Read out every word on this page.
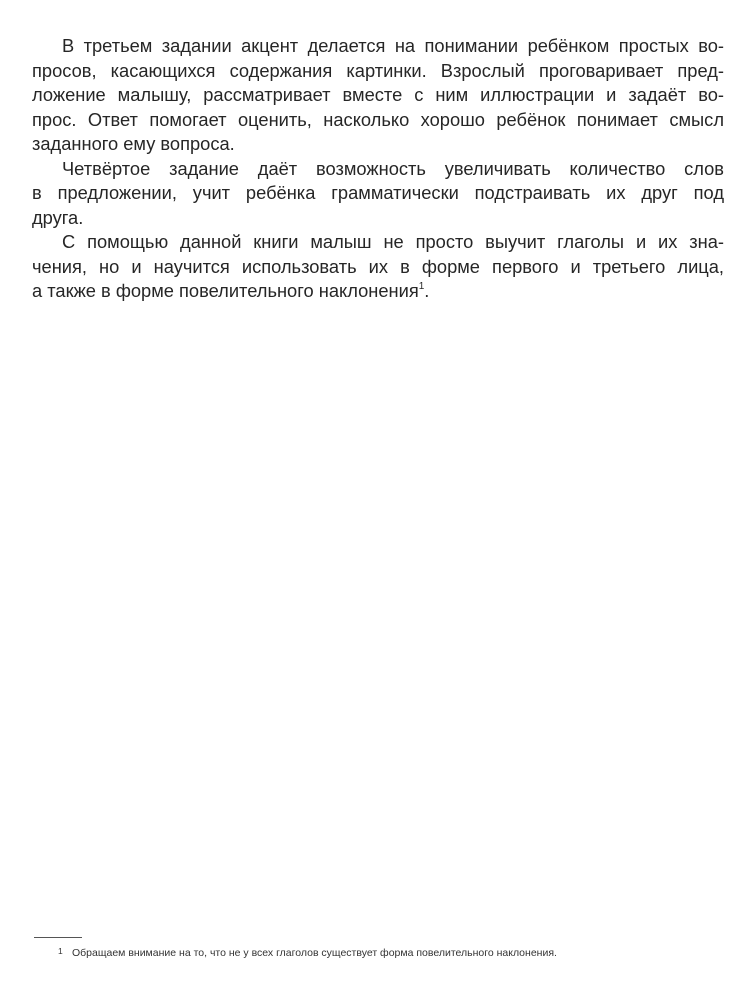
В третьем задании акцент делается на понимании ребёнком простых во-
просов, касающихся содержания картинки. Взрослый проговаривает пред-
ложение малышу, рассматривает вместе с ним иллюстрации и задаёт во-
прос. Ответ помогает оценить, насколько хорошо ребёнок понимает смысл
заданного ему вопроса.
Четвёртое задание даёт возможность увеличивать количество слов
в предложении, учит ребёнка грамматически подстраивать их друг под
друга.
С помощью данной книги малыш не просто выучит глаголы и их зна-
чения, но и научится использовать их в форме первого и третьего лица,
а также в форме повелительного наклонения$^1$.
1 Обращаем внимание на то, что не у всех глаголов существует форма повелительного наклонения.
